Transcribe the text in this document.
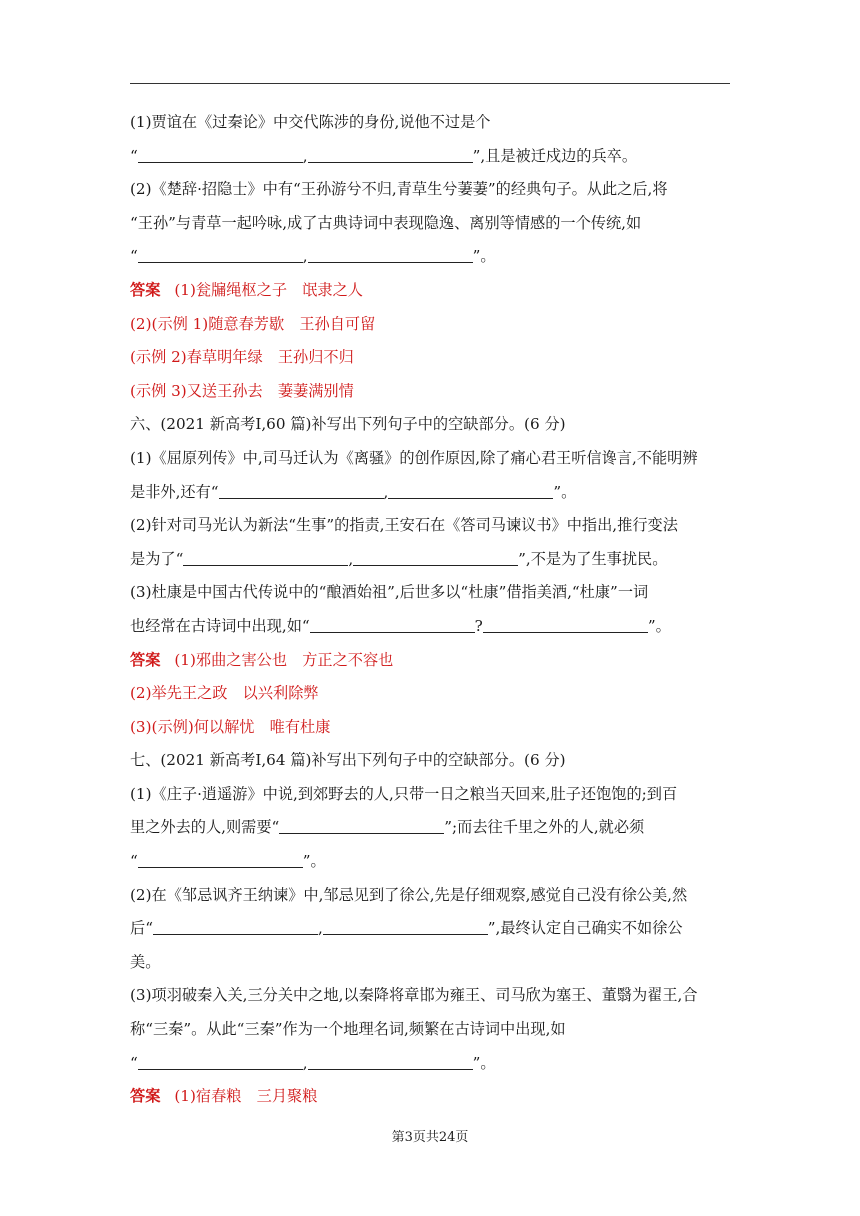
(1)贾谊在《过秦论》中交代陈涉的身份,说他不过是个
“	,	”,且是被迁戍边的兵卒。
(2)《楚辞·招隐士》中有“王孙游兮不归,青草生兮萋萋”的经典句子。从此之后,将
“王孙”与青草一起吟咏,成了古典诗词中表现隐逸、离别等情感的一个传统,如
“	,	”。
答案 (1)瓮牖绳枢之子　氓隶之人
(2)(示例 1)随意春芳歇　王孙自可留
(示例 2)春草明年绿　王孙归不归
(示例 3)又送王孙去　萋萋满别情
六、(2021 新高考Ⅰ,60 篇)补写出下列句子中的空缺部分。(6 分)
(1)《屈原列传》中,司马迁认为《离骚》的创作原因,除了痛心君王听信谗言,不能明辨
是非外,还有“	,	”。
(2)针对司马光认为新法“生事”的指责,王安石在《答司马谏议书》中指出,推行变法
是为了“	,	”,不是为了生事扰民。
(3)杜康是中国古代传说中的“酿酒始祖”,后世多以“杜康”借指美酒,“杜康”一词
也经常在古诗词中出现,如“	?	”。
答案 (1)邪曲之害公也　方正之不容也
(2)举先王之政　以兴利除弊
(3)(示例)何以解忧　唯有杜康
七、(2021 新高考Ⅰ,64 篇)补写出下列句子中的空缺部分。(6 分)
(1)《庄子·逍遥游》中说,到郊野去的人,只带一日之粮当天回来,肚子还饱饱的;到百
里之外去的人,则需要“	”;而去往千里之外的人,就必须
“	”。
(2)在《邹忌讽齐王纳谏》中,邹忌见到了徐公,先是仔细观察,感觉自己没有徐公美,然
后“	,	”,最终认定自己确实不如徐公
美。
(3)项羽破秦入关,三分关中之地,以秦降将章邯为雍王、司马欣为塞王、董翳为翟王,合
称“三秦”。从此“三秦”作为一个地理名词,频繁在古诗词中出现,如
“	,	”。
答案 (1)宿春粮　三月聚粮
第3页共24页
